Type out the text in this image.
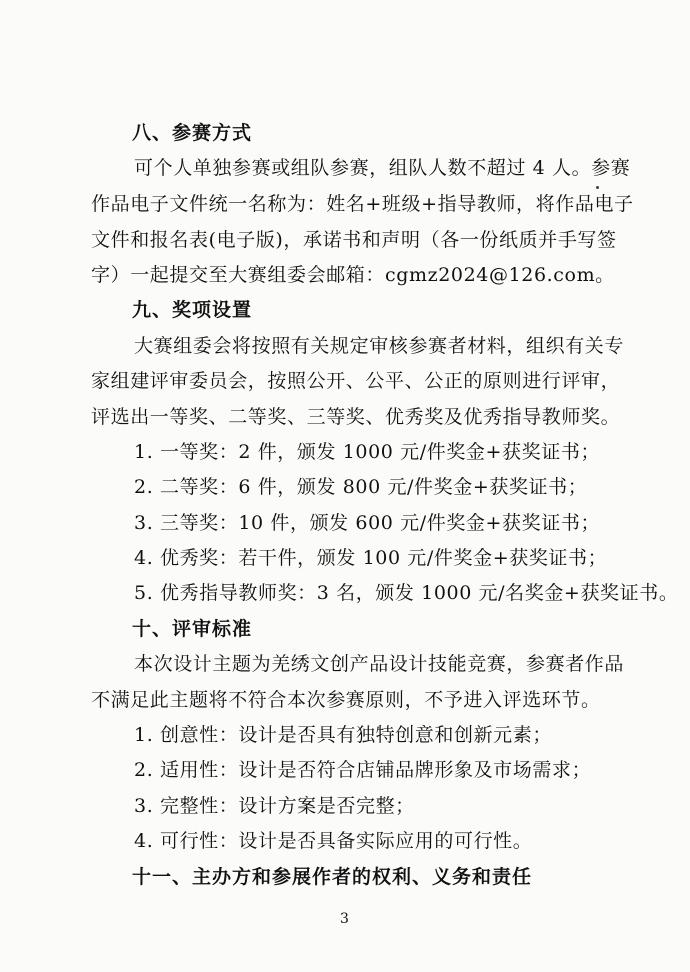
八、参赛方式
可个人单独参赛或组队参赛，组队人数不超过 4 人。参赛
作品电子文件统一名称为：姓名+班级+指导教师，将作品电子
文件和报名表(电子版)，承诺书和声明（各一份纸质并手写签
字）一起提交至大赛组委会邮箱：cgmz2024@126.com。
九、奖项设置
大赛组委会将按照有关规定审核参赛者材料，组织有关专
家组建评审委员会，按照公开、公平、公正的原则进行评审，
评选出一等奖、二等奖、三等奖、优秀奖及优秀指导教师奖。
1. 一等奖：2 件，颁发 1000 元/件奖金+获奖证书；
2. 二等奖：6 件，颁发 800 元/件奖金+获奖证书；
3. 三等奖：10 件，颁发 600 元/件奖金+获奖证书；
4. 优秀奖：若干件，颁发 100 元/件奖金+获奖证书；
5. 优秀指导教师奖：3 名，颁发 1000 元/名奖金+获奖证书。
十、评审标准
本次设计主题为羌绣文创产品设计技能竞赛，参赛者作品
不满足此主题将不符合本次参赛原则，不予进入评选环节。
1. 创意性：设计是否具有独特创意和创新元素；
2. 适用性：设计是否符合店铺品牌形象及市场需求；
3. 完整性：设计方案是否完整；
4. 可行性：设计是否具备实际应用的可行性。
十一、主办方和参展作者的权利、义务和责任
3
